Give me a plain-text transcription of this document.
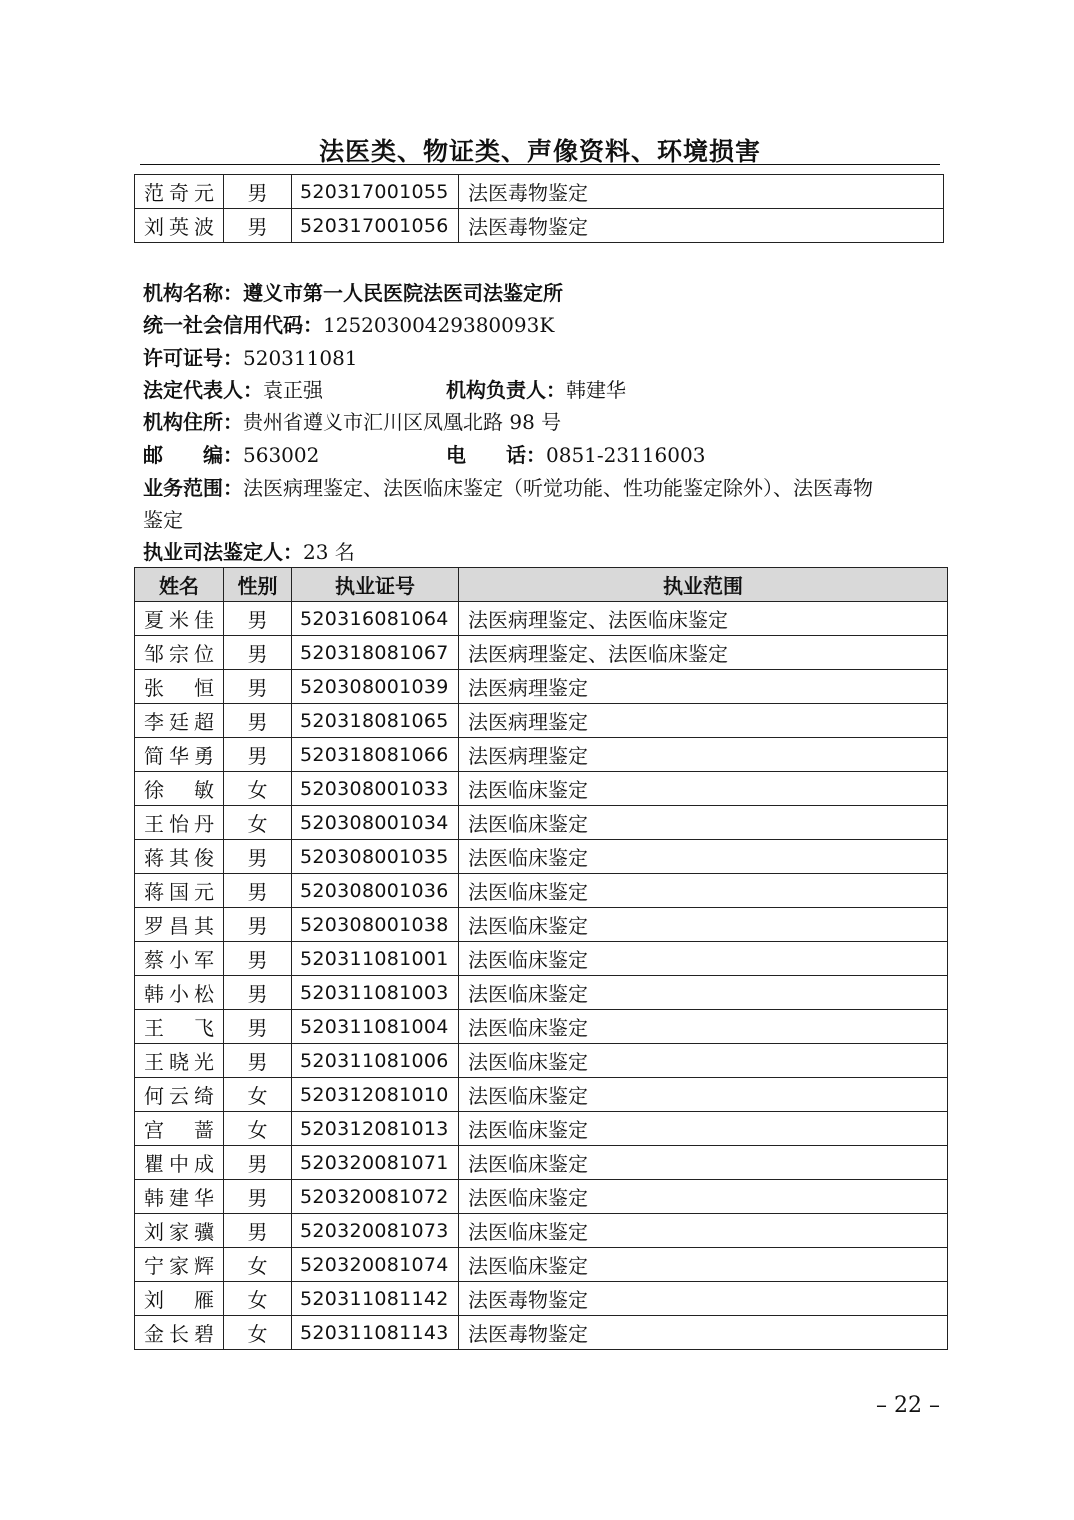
法医类、物证类、声像资料、环境损害
范奇元	男	520317001055	法医毒物鉴定
刘英波	男	520317001056	法医毒物鉴定
机构名称：遵义市第一人民医院法医司法鉴定所
统一社会信用代码：12520300429380093K
许可证号：520311081
法定代表人：袁正强	机构负责人：韩建华
机构住所：贵州省遵义市汇川区凤凰北路 98 号
邮　　编：563002	电　　话：0851-23116003
业务范围：法医病理鉴定、法医临床鉴定（听觉功能、性功能鉴定除外）、法医毒物
鉴定
执业司法鉴定人：23 名
姓名	性别	执业证号	执业范围
夏米佳	男	520316081064	法医病理鉴定、法医临床鉴定
邹宗位	男	520318081067	法医病理鉴定、法医临床鉴定
张　恒	男	520308001039	法医病理鉴定
李廷超	男	520318081065	法医病理鉴定
简华勇	男	520318081066	法医病理鉴定
徐　敏	女	520308001033	法医临床鉴定
王怡丹	女	520308001034	法医临床鉴定
蒋其俊	男	520308001035	法医临床鉴定
蒋国元	男	520308001036	法医临床鉴定
罗昌其	男	520308001038	法医临床鉴定
蔡小军	男	520311081001	法医临床鉴定
韩小松	男	520311081003	法医临床鉴定
王　飞	男	520311081004	法医临床鉴定
王晓光	男	520311081006	法医临床鉴定
何云绮	女	520312081010	法医临床鉴定
宫　蔷	女	520312081013	法医临床鉴定
瞿中成	男	520320081071	法医临床鉴定
韩建华	男	520320081072	法医临床鉴定
刘家骥	男	520320081073	法医临床鉴定
宁家辉	女	520320081074	法医临床鉴定
刘　雁	女	520311081142	法医毒物鉴定
金长碧	女	520311081143	法医毒物鉴定
– 22 –
